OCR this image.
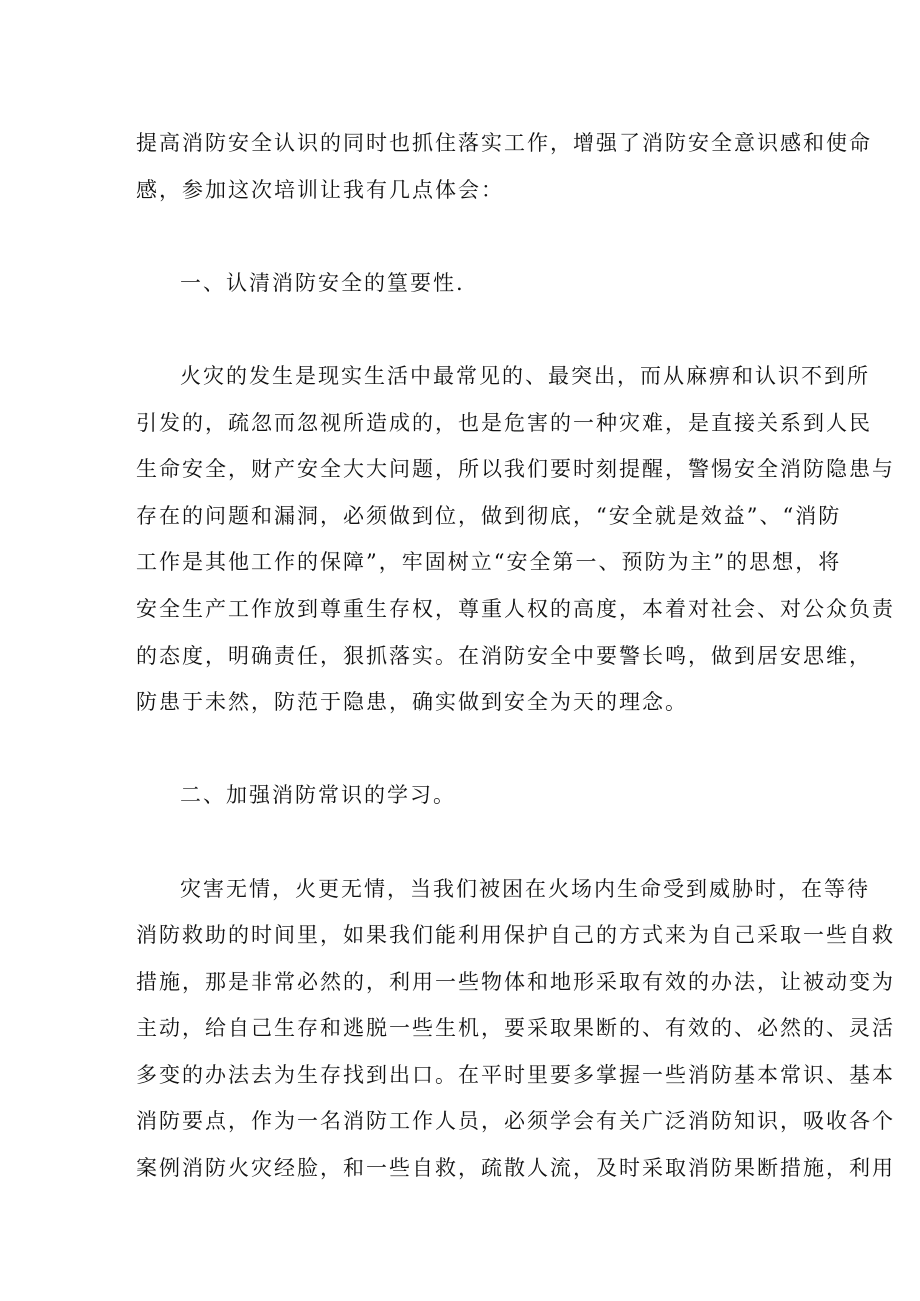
提高消防安全认识的同时也抓住落实工作，增强了消防安全意识感和使命
感，参加这次培训让我有几点体会：
一、认清消防安全的篁要性.
火灾的发生是现实生活中最常见的、最突出，而从麻痹和认识不到所
引发的，疏忽而忽视所造成的，也是危害的一种灾难，是直接关系到人民
生命安全，财产安全大大问题，所以我们要时刻提醒，警惕安全消防隐患与
存在的问题和漏洞，必须做到位，做到彻底，“安全就是效益”、“消防
工作是其他工作的保障”，牢固树立“安全第一、预防为主”的思想，将
安全生产工作放到尊重生存权，尊重人权的高度，本着对社会、对公众负责
的态度，明确责任，狠抓落实。在消防安全中要警长鸣，做到居安思维，
防患于未然，防范于隐患，确实做到安全为天的理念。
二、加强消防常识的学习。
灾害无情，火更无情，当我们被困在火场内生命受到威胁时，在等待
消防救助的时间里，如果我们能利用保护自己的方式来为自己采取一些自救
措施，那是非常必然的，利用一些物体和地形采取有效的办法，让被动变为
主动，给自己生存和逃脱一些生机，要采取果断的、有效的、必然的、灵活
多变的办法去为生存找到出口。在平时里要多掌握一些消防基本常识、基本
消防要点，作为一名消防工作人员，必须学会有关广泛消防知识，吸收各个
案例消防火灾经脸，和一些自救，疏散人流，及时采取消防果断措施，利用
